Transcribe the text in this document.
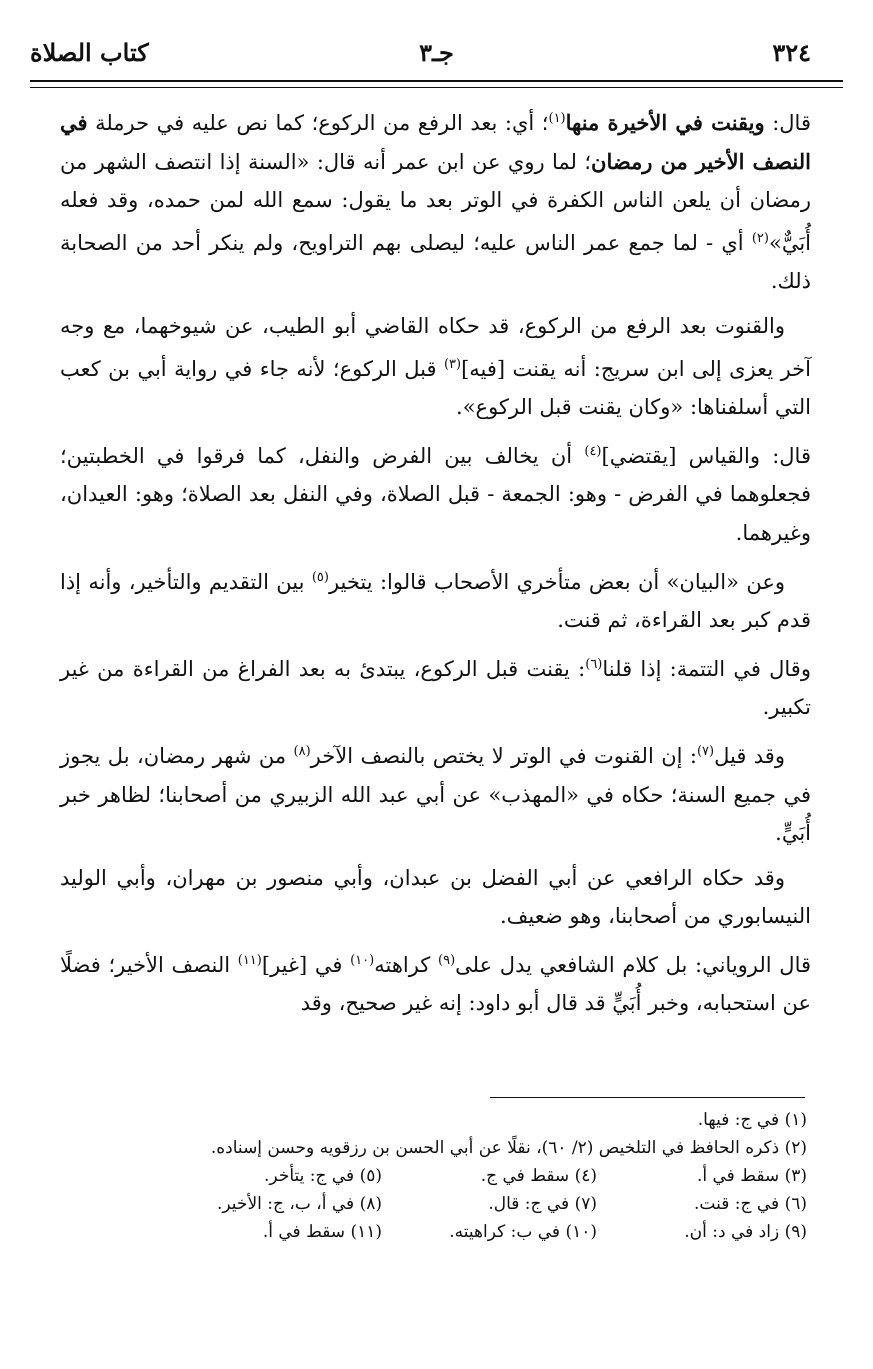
٣٢٤
جـ٣
كتاب الصلاة

قال: ويقنت في الأخيرة منها$^{(١)}$؛ أي: بعد الرفع من الركوع؛ كما نص عليه في حرملة في النصف الأخير من رمضان؛ لما روي عن ابن عمر أنه قال: «السنة إذا انتصف الشهر من رمضان أن يلعن الناس الكفرة في الوتر بعد ما يقول: سمع الله لمن حمده، وقد فعله أُبَيٌّ»$^{(٢)}$ أي - لما جمع عمر الناس عليه؛ ليصلى بهم التراويح، ولم ينكر أحد من الصحابة ذلك.

والقنوت بعد الرفع من الركوع، قد حكاه القاضي أبو الطيب، عن شيوخهما، مع وجه آخر يعزى إلى ابن سريج: أنه يقنت [فيه]$^{(٣)}$ قبل الركوع؛ لأنه جاء في رواية أبي بن كعب التي أسلفناها: «وكان يقنت قبل الركوع».

قال: والقياس [يقتضي]$^{(٤)}$ أن يخالف بين الفرض والنفل، كما فرقوا في الخطبتين؛ فجعلوهما في الفرض - وهو: الجمعة - قبل الصلاة، وفي النفل بعد الصلاة؛ وهو: العيدان، وغيرهما.

وعن «البيان» أن بعض متأخري الأصحاب قالوا: يتخير$^{(٥)}$ بين التقديم والتأخير، وأنه إذا قدم كبر بعد القراءة، ثم قنت.

وقال في التتمة: إذا قلنا$^{(٦)}$: يقنت قبل الركوع، يبتدئ به بعد الفراغ من القراءة من غير تكبير.

وقد قيل$^{(٧)}$: إن القنوت في الوتر لا يختص بالنصف الآخر$^{(٨)}$ من شهر رمضان، بل يجوز في جميع السنة؛ حكاه في «المهذب» عن أبي عبد الله الزبيري من أصحابنا؛ لظاهر خبر أُبَيٍّ.

وقد حكاه الرافعي عن أبي الفضل بن عبدان، وأبي منصور بن مهران، وأبي الوليد النيسابوري من أصحابنا، وهو ضعيف.

قال الروياني: بل كلام الشافعي يدل على$^{(٩)}$ كراهته$^{(١٠)}$ في [غير]$^{(١١)}$ النصف الأخير؛ فضلًا عن استحبابه، وخبر أُبَيٍّ قد قال أبو داود: إنه غير صحيح، وقد

(١) في ج: فيها.
(٢) ذكره الحافظ في التلخيص (٢/ ٦٠)، نقلًا عن أبي الحسن بن رزقويه وحسن إسناده.
(٣) سقط في أ.
(٤) سقط في ج.
(٥) في ج: يتأخر.
(٦) في ج: قنت.
(٧) في ج: قال.
(٨) في أ، ب، ج: الأخير.
(٩) زاد في د: أن.
(١٠) في ب: كراهيته.
(١١) سقط في أ.
